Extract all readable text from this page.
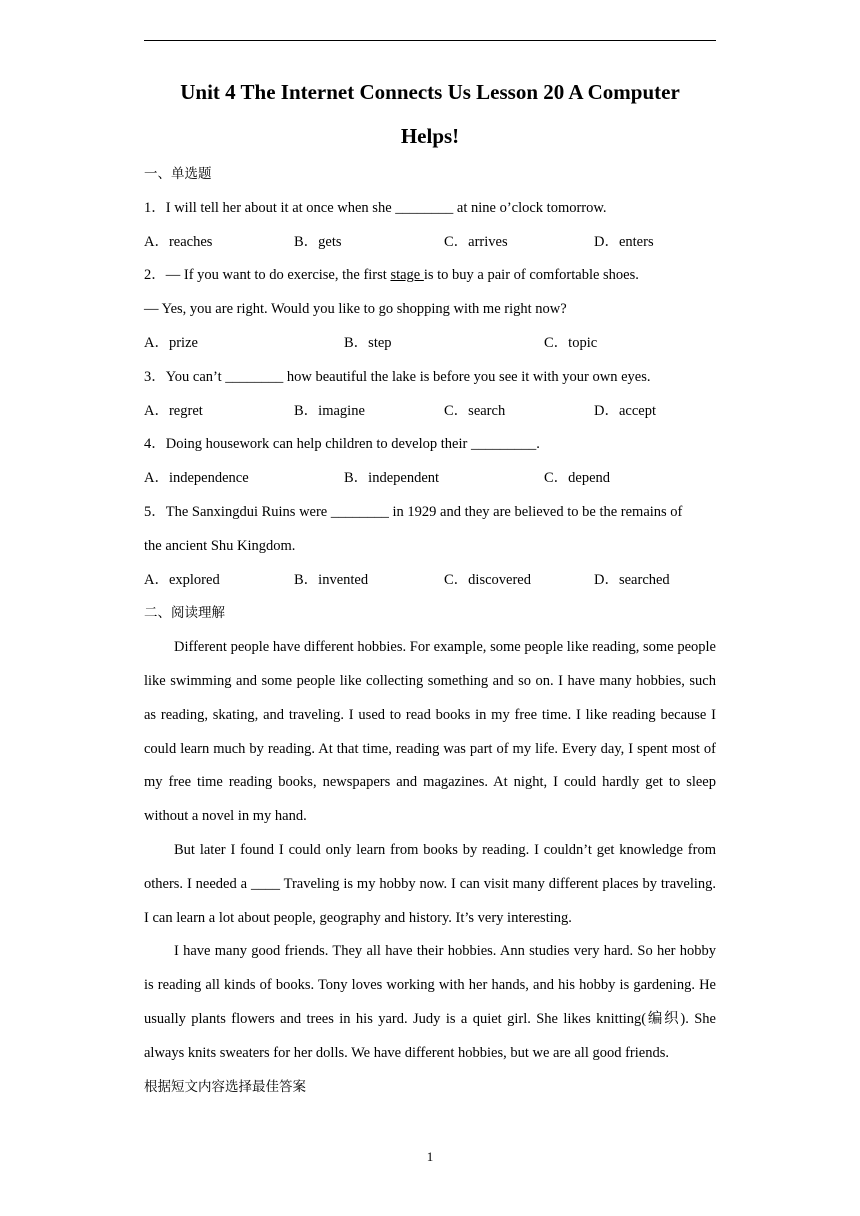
Unit 4 The Internet Connects Us Lesson 20 A Computer
Helps!
一、单选题
1．I will tell her about it at once when she ________ at nine o’clock tomorrow.
A．reaches	B．gets	C．arrives	D．enters
2．— If you want to do exercise, the first stage is to buy a pair of comfortable shoes.
— Yes, you are right. Would you like to go shopping with me right now?
A．prize	B．step	C．topic
3．You can’t ________ how beautiful the lake is before you see it with your own eyes.
A．regret	B．imagine	C．search	D．accept
4．Doing housework can help children to develop their _________.
A．independence	B．independent	C．depend
5．The Sanxingdui Ruins were ________ in 1929 and they are believed to be the remains of
the ancient Shu Kingdom.
A．explored	B．invented	C．discovered	D．searched
二、阅读理解

Different people have different hobbies. For example, some people like reading, some people like swimming and some people like collecting something and so on. I have many hobbies, such as reading, skating, and traveling. I used to read books in my free time. I like reading because I could learn much by reading. At that time, reading was part of my life. Every day, I spent most of my free time reading books, newspapers and magazines. At night, I could hardly get to sleep without a novel in my hand.

But later I found I could only learn from books by reading. I couldn’t get knowledge from others. I needed a ____ Traveling is my hobby now. I can visit many different places by traveling. I can learn a lot about people, geography and history. It’s very interesting.

I have many good friends. They all have their hobbies. Ann studies very hard. So her hobby is reading all kinds of books. Tony loves working with her hands, and his hobby is gardening. He usually plants flowers and trees in his yard. Judy is a quiet girl. She likes knitting(编织). She always knits sweaters for her dolls. We have different hobbies, but we are all good friends.

根据短文内容选择最佳答案
1
